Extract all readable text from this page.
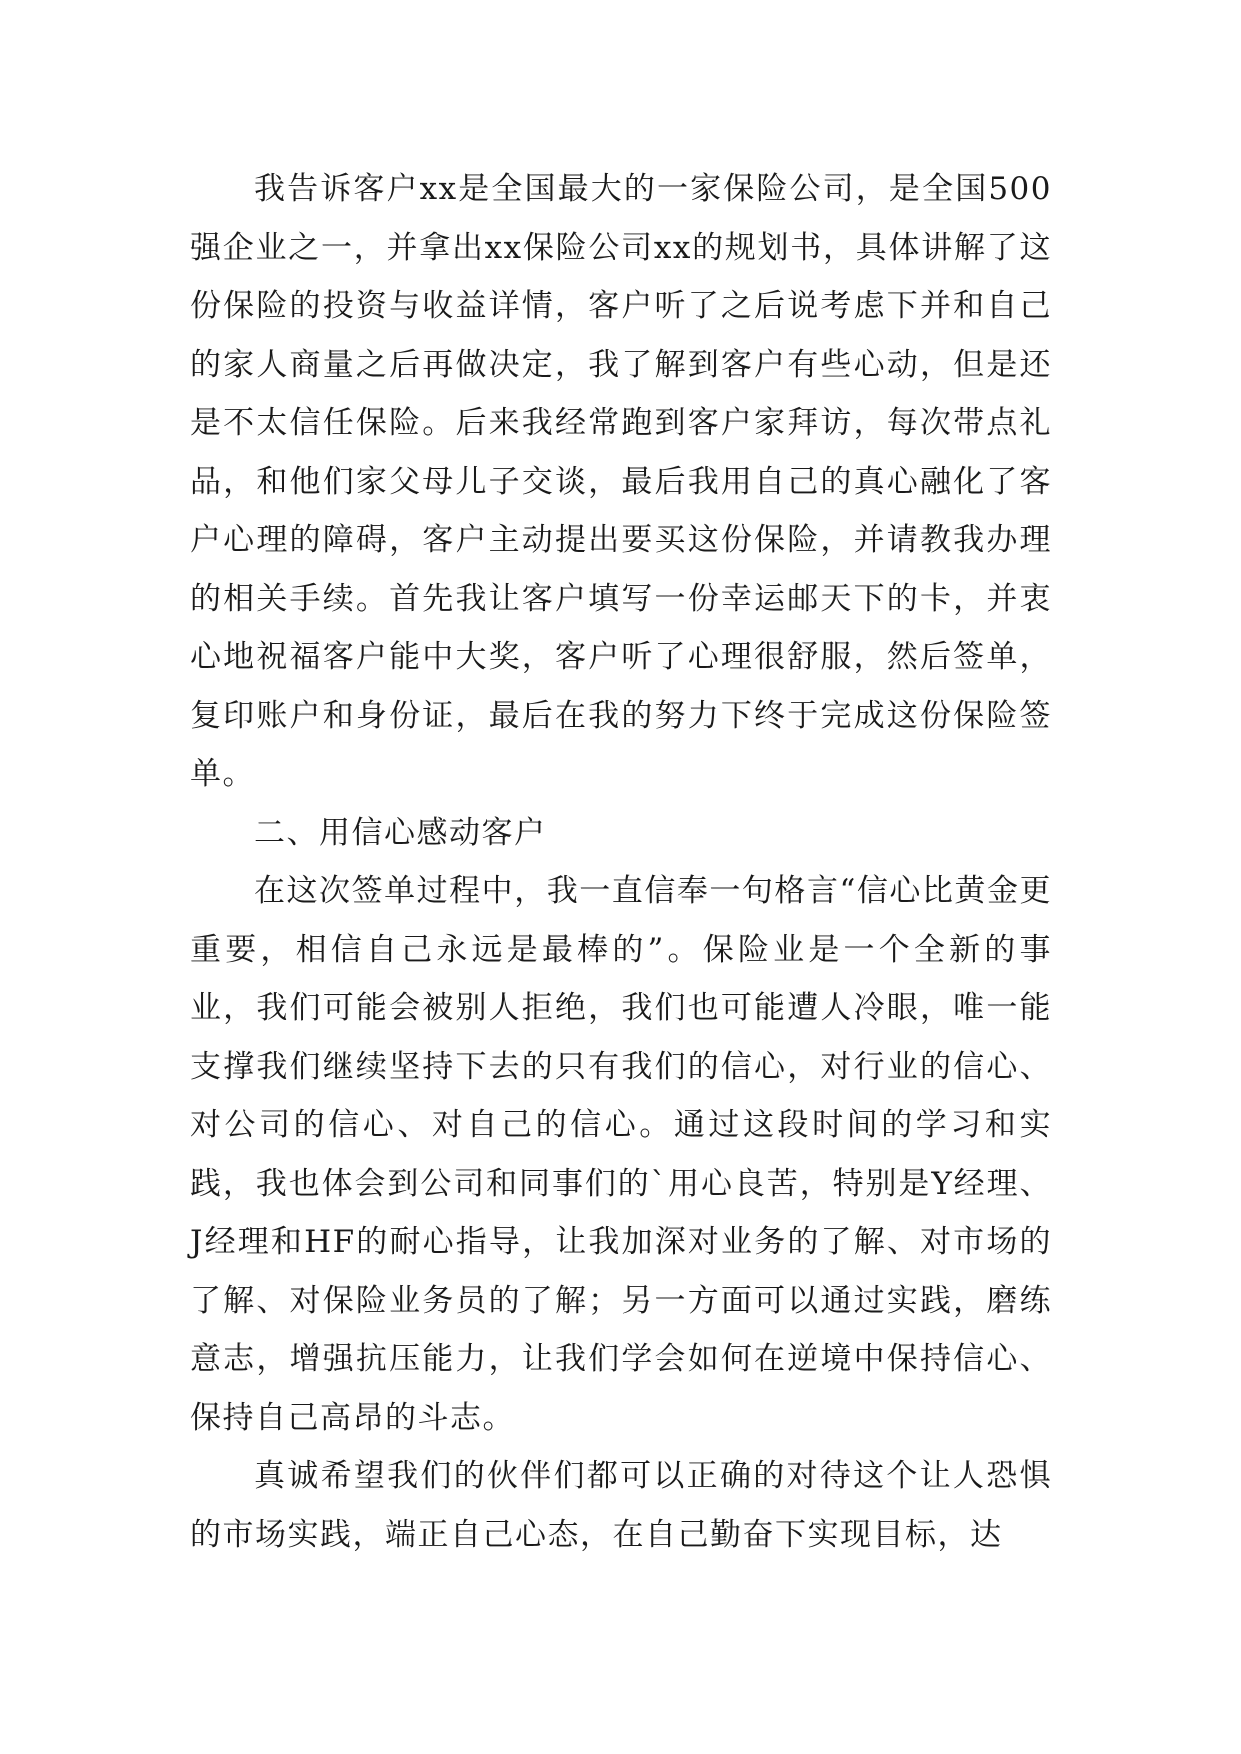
我告诉客户xx是全国最大的一家保险公司，是全国500强企业之一，并拿出xx保险公司xx的规划书，具体讲解了这份保险的投资与收益详情，客户听了之后说考虑下并和自己的家人商量之后再做决定，我了解到客户有些心动，但是还是不太信任保险。后来我经常跑到客户家拜访，每次带点礼品，和他们家父母儿子交谈，最后我用自己的真心融化了客户心理的障碍，客户主动提出要买这份保险，并请教我办理的相关手续。首先我让客户填写一份幸运邮天下的卡，并衷心地祝福客户能中大奖，客户听了心理很舒服，然后签单，复印账户和身份证，最后在我的努力下终于完成这份保险签单。

二、用信心感动客户

在这次签单过程中，我一直信奉一句格言“信心比黄金更重要，相信自己永远是最棒的”。保险业是一个全新的事业，我们可能会被别人拒绝，我们也可能遭人冷眼，唯一能支撑我们继续坚持下去的只有我们的信心，对行业的信心、对公司的信心、对自己的信心。通过这段时间的学习和实践，我也体会到公司和同事们的`用心良苦，特别是Y经理、J经理和HF的耐心指导，让我加深对业务的了解、对市场的了解、对保险业务员的了解；另一方面可以通过实践，磨练意志，增强抗压能力，让我们学会如何在逆境中保持信心、保持自己高昂的斗志。

真诚希望我们的伙伴们都可以正确的对待这个让人恐惧的市场实践，端正自己心态，在自己勤奋下实现目标，达
